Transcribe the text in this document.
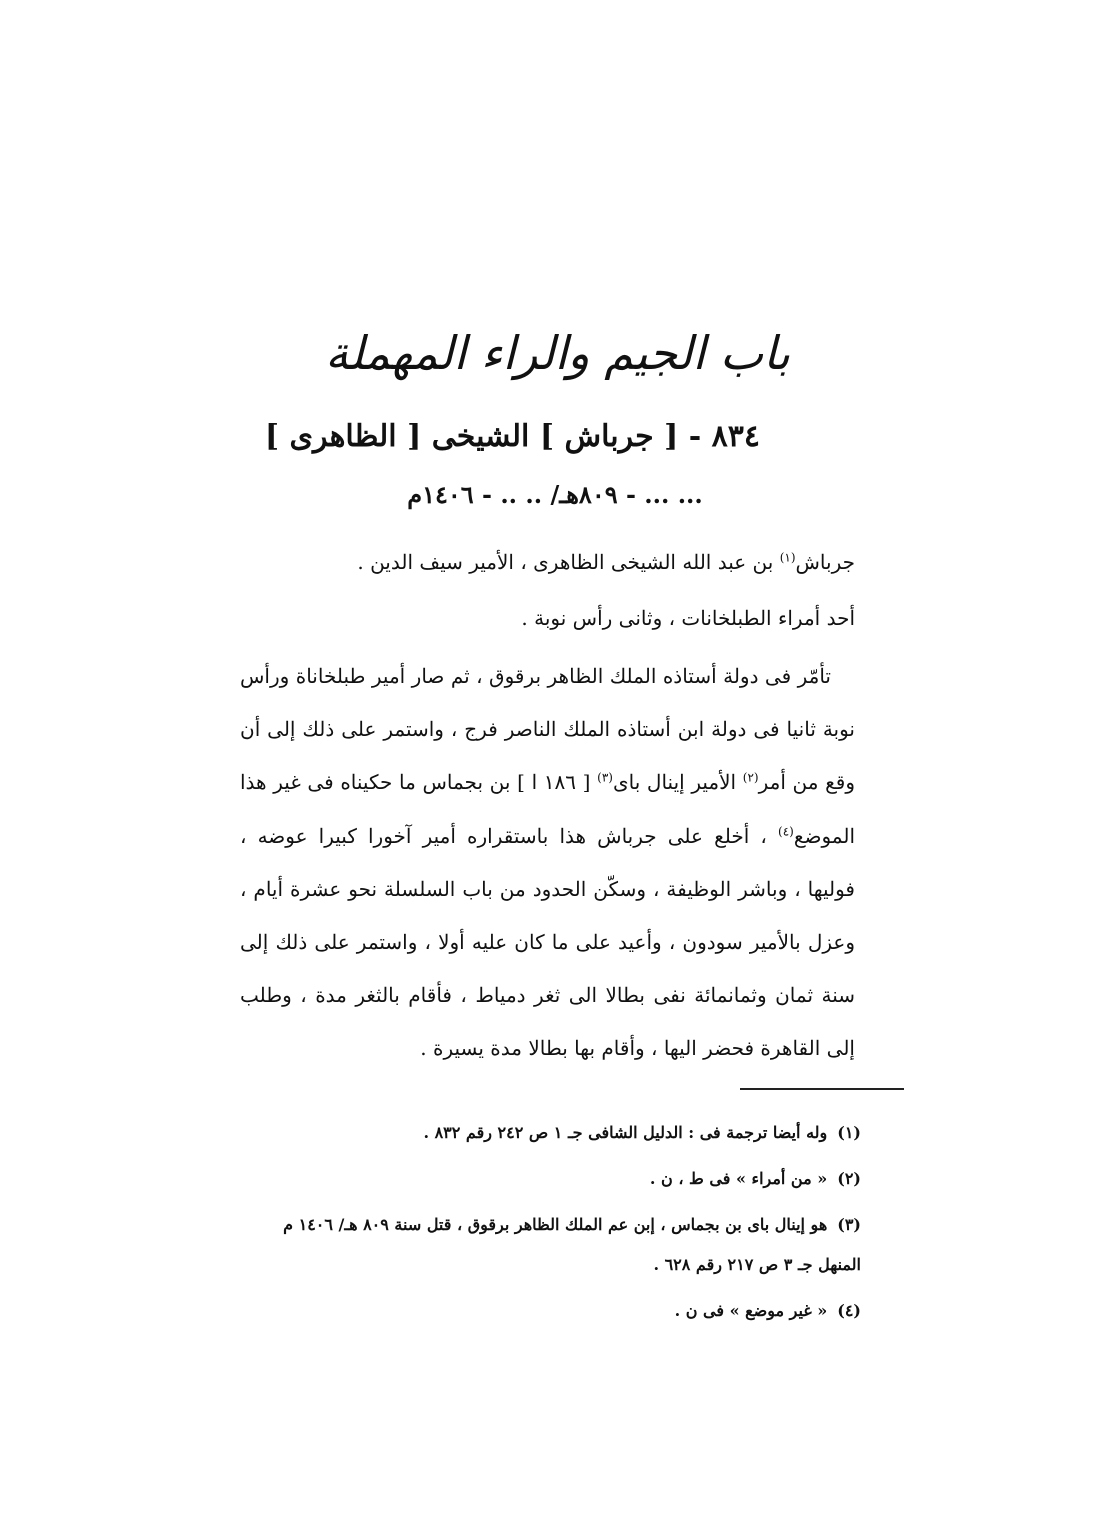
باب الجيم والراء المهملة
٨٣٤ - [ جرباش ] الشيخى [ الظاهرى ]
... ... - ٨٠٩هـ/ .. .. - ١٤٠٦م

جرباش$^{(١)}$ بن عبد الله الشيخى الظاهرى ، الأمير سيف الدين .

أحد أمراء الطبلخانات ، وثانى رأس نوبة .

تأمّر فى دولة أستاذه الملك الظاهر برقوق ، ثم صار أمير طبلخاناة ورأس نوبة ثانيا فى دولة ابن أستاذه الملك الناصر فرج ، واستمر على ذلك إلى أن وقع من أمر$^{(٢)}$ الأمير إينال باى$^{(٣)}$ [ ١٨٦ ا ] بن بجماس ما حكيناه فى غير هذا الموضع$^{(٤)}$ ، أخلع على جرباش هذا باستقراره أمير آخورا كبيرا عوضه ، فوليها ، وباشر الوظيفة ، وسكّن الحدود من باب السلسلة نحو عشرة أيام ، وعزل بالأمير سودون ، وأعيد على ما كان عليه أولا ، واستمر على ذلك إلى سنة ثمان وثمانمائة نفى بطالا الى ثغر دمياط ، فأقام بالثغر مدة ، وطلب إلى القاهرة فحضر اليها ، وأقام بها بطالا مدة يسيرة .

(١)وله أيضا ترجمة فى : الدليل الشافى جـ ١ ص ٢٤٢ رقم ٨٣٢ .

(٢)« من أمراء » فى ط ، ن .

(٣)هو إينال باى بن بجماس ، إبن عم الملك الظاهر برقوق ، قتل سنة ٨٠٩ هـ/ ١٤٠٦ م

المنهل جـ ٣ ص ٢١٧ رقم ٦٢٨ .

(٤)« غير موضع » فى ن .
